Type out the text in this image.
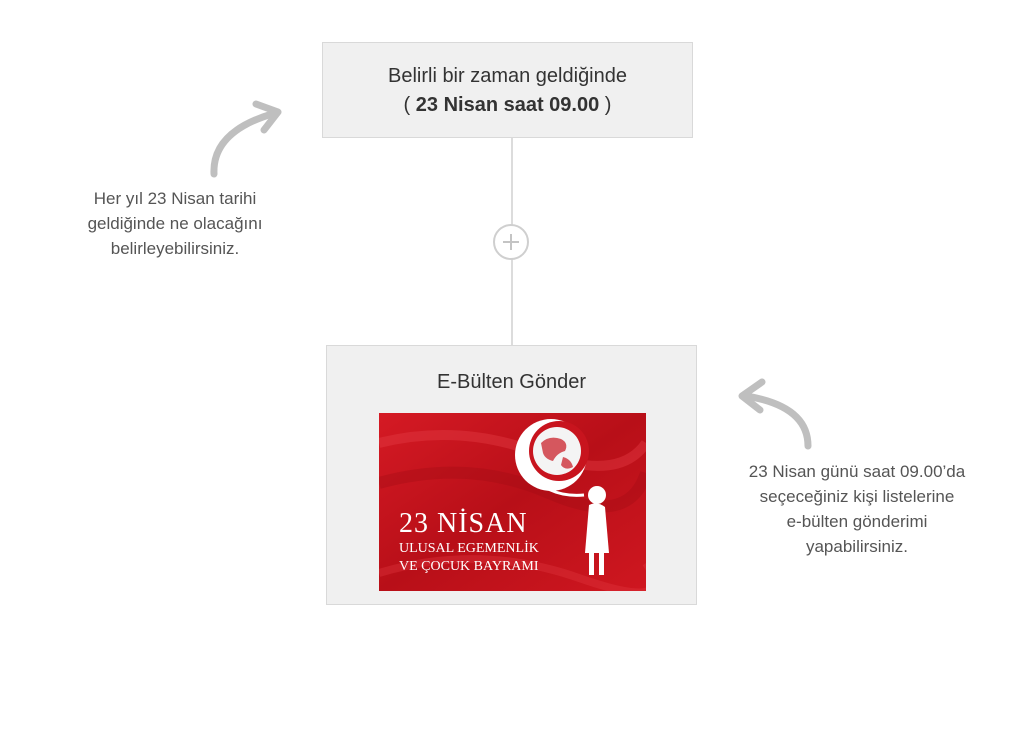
Belirli bir zaman geldiğinde
( 23 Nisan saat 09.00 )
E-Bülten Gönder
23 NİSAN
ULUSAL EGEMENLİK
VE ÇOCUK BAYRAMI
Her yıl 23 Nisan tarihi
geldiğinde ne olacağını
belirleyebilirsiniz.
23 Nisan günü saat 09.00’da
seçeceğiniz kişi listelerine
e-bülten gönderimi
yapabilirsiniz.
